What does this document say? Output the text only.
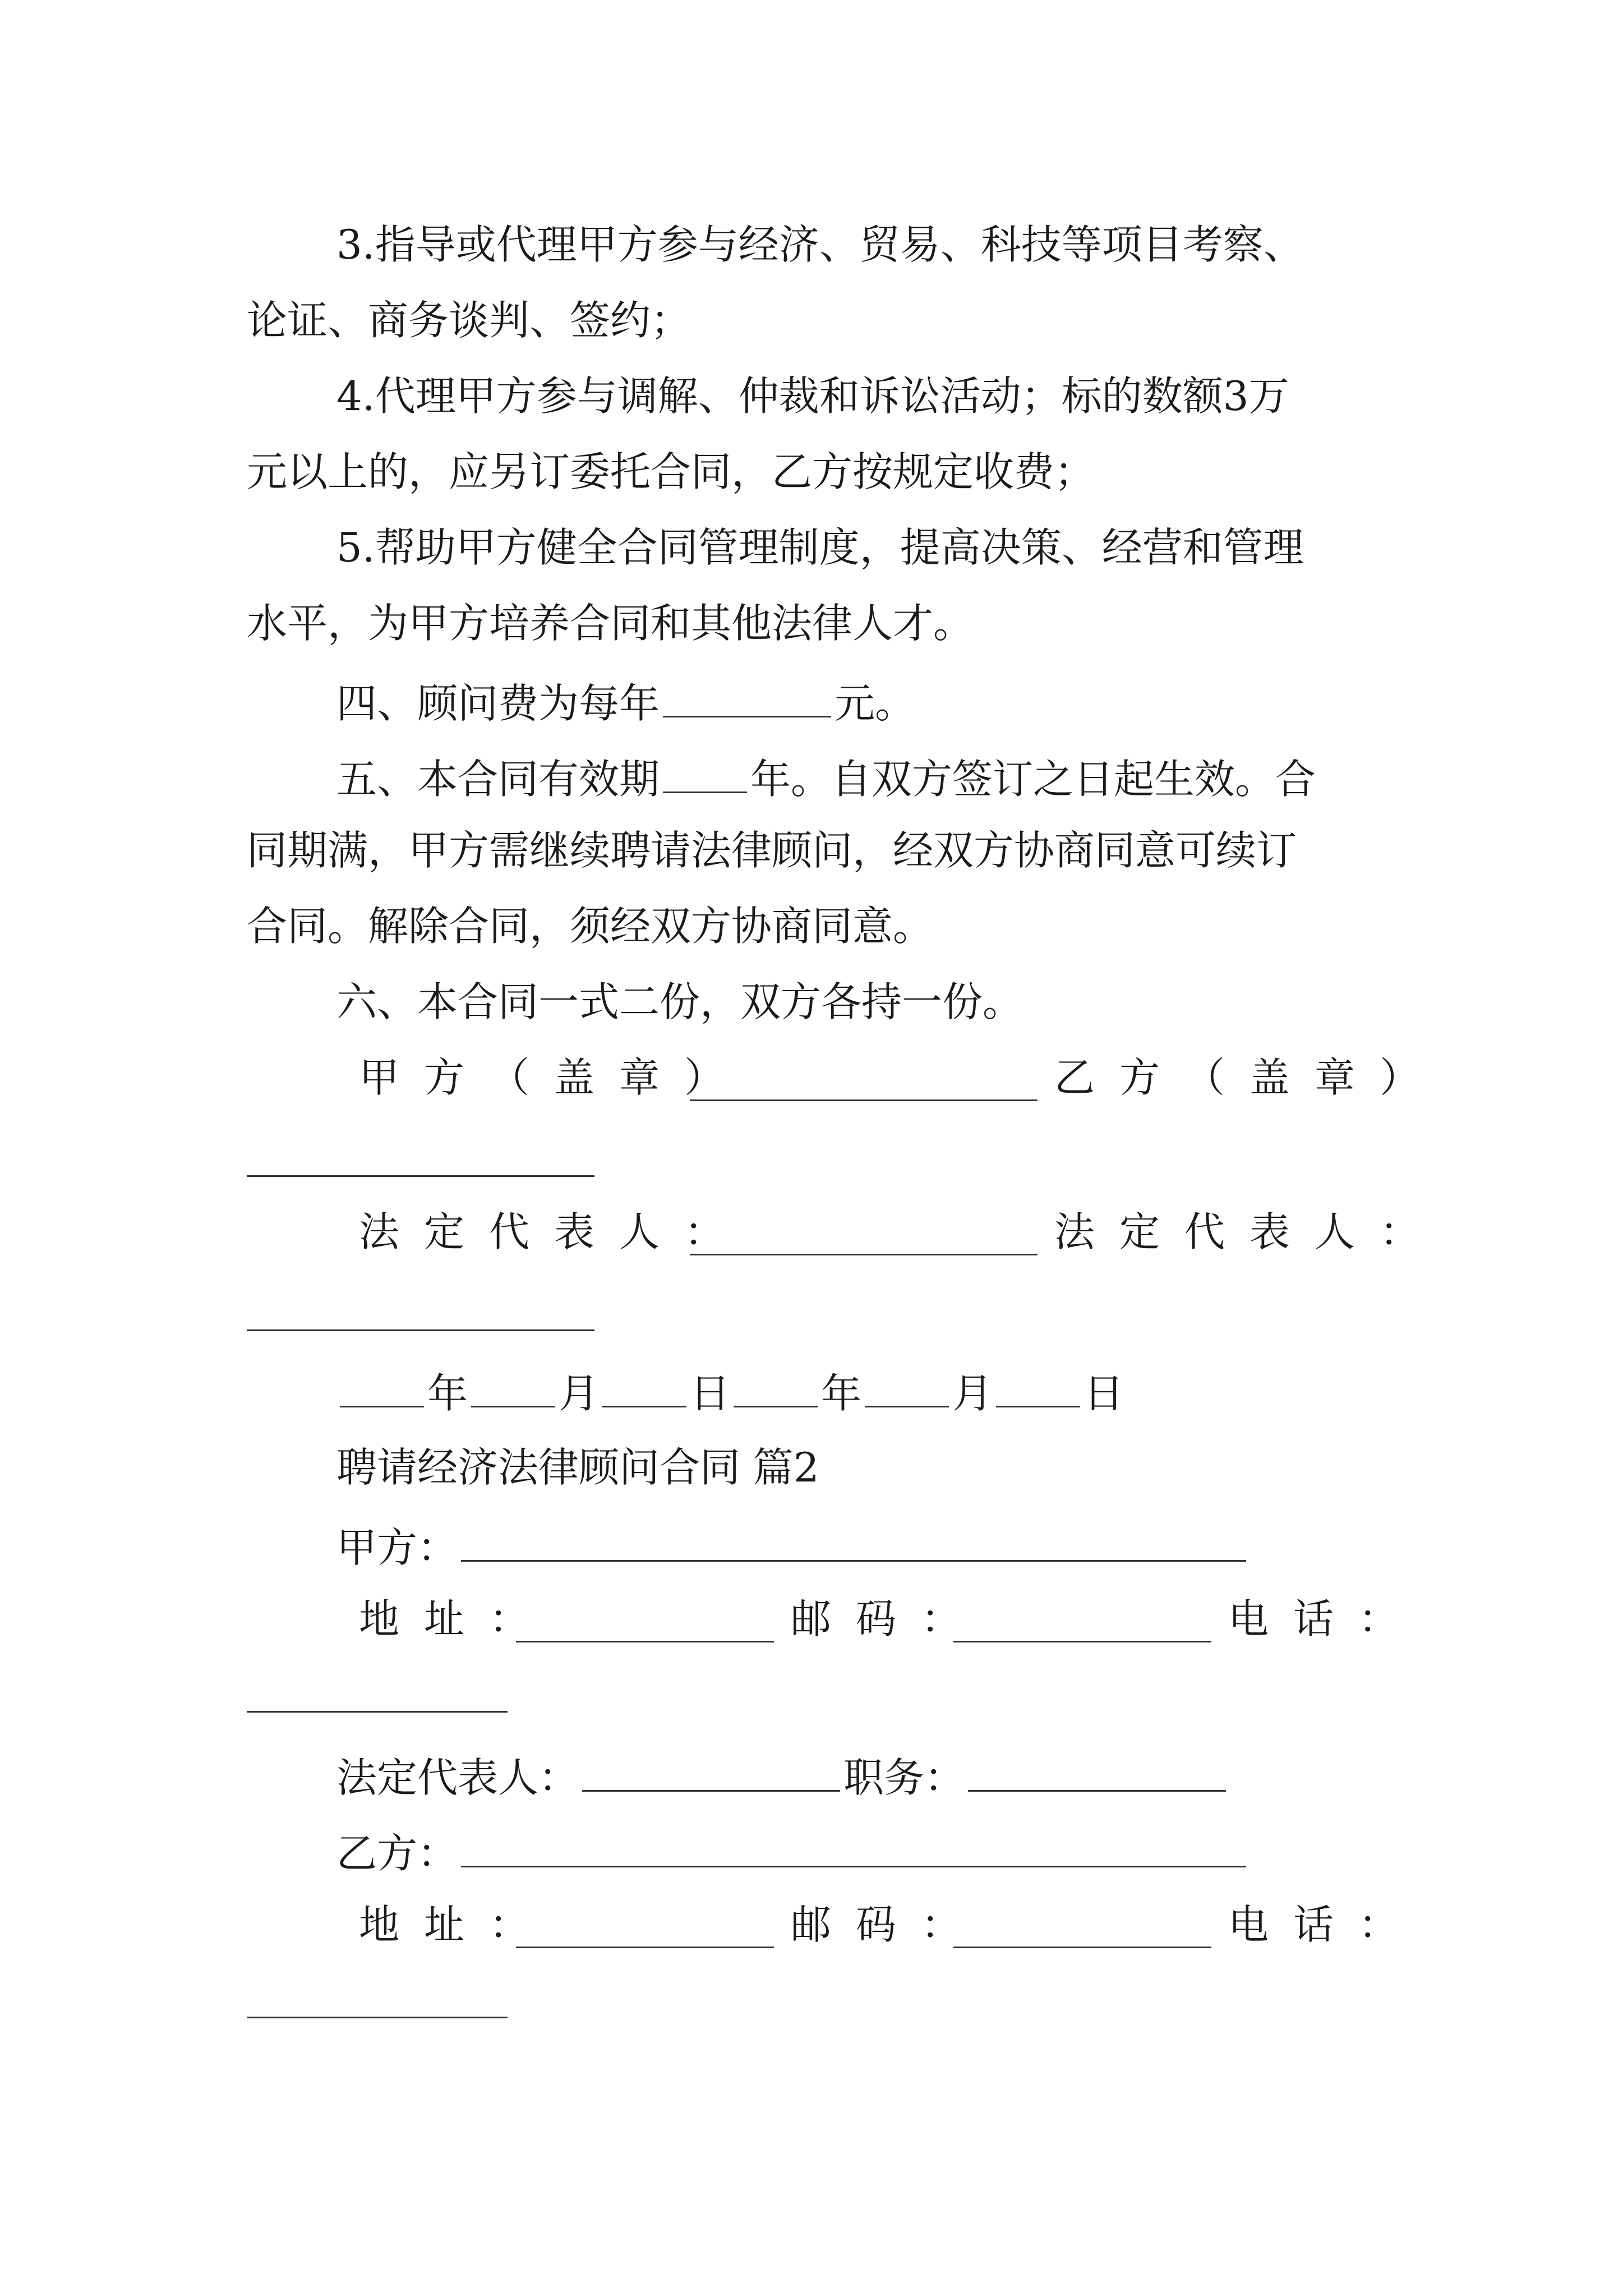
3.指导或代理甲方参与经济、贸易、科技等项目考察、
论证、商务谈判、签约；
4.代理甲方参与调解、仲裁和诉讼活动；标的数额3万
元以上的，应另订委托合同，乙方按规定收费；
5.帮助甲方健全合同管理制度，提高决策、经营和管理
水平，为甲方培养合同和其他法律人才。
四、顾问费为每年	元。
五、本合同有效期 年。自双方签订之日起生效。合
同期满，甲方需继续聘请法律顾问，经双方协商同意可续订
合同。解除合同，须经双方协商同意。
六、本合同一式二份，双方各持一份。
甲方（盖章）	乙方（盖章）
法定代表人：	法定代表人：
年 月 日 年 月 日
聘请经济法律顾问合同 篇2
甲方：
地址：	邮码：	电话：
法定代表人：	职务：
乙方：
地址：	邮码：	电话：
